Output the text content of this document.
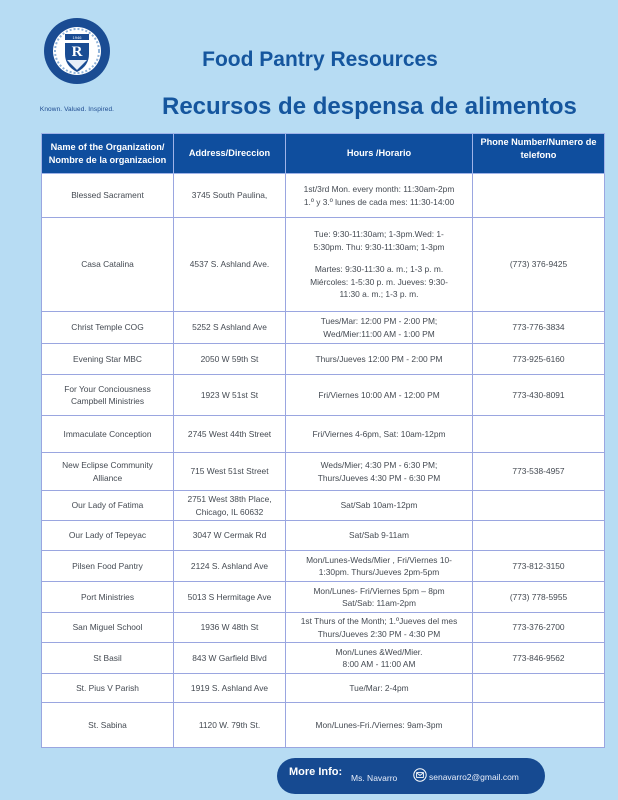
R
1946
Known. Valued. Inspired.
Food Pantry Resources
Recursos de despensa de alimentos
Name of the Organization/
Nombre de la organizacion	Address/Direccion	Hours /Horario	Phone Number/Numero de
telefono
Blessed Sacrament	3745 South Paulina,	1st/3rd Mon. every month: 11:30am-2pm
1.º y 3.º lunes de cada mes: 11:30-14:00	
Casa Catalina	4537 S. Ashland Ave.	Tue: 9:30-11:30am; 1-3pm.Wed: 1-
5:30pm. Thu: 9:30-11:30am; 1-3pm
Martes: 9:30-11:30 a. m.; 1-3 p. m.
Miércoles: 1-5:30 p. m. Jueves: 9:30-
11:30 a. m.; 1-3 p. m.	(773) 376-9425
Christ Temple COG	5252 S Ashland Ave	Tues/Mar: 12:00 PM - 2:00 PM;
Wed/Mier:11:00 AM - 1:00 PM	773-776-3834
Evening Star MBC	2050 W 59th St	Thurs/Jueves 12:00 PM - 2:00 PM	773-925-6160
For Your Conciousness
Campbell Ministries	1923 W 51st St	Fri/Viernes 10:00 AM - 12:00 PM	773-430-8091
Immaculate Conception	2745 West 44th Street	Fri/Viernes 4-6pm, Sat: 10am-12pm	
New Eclipse Community
Alliance	715 West 51st Street	Weds/Mier; 4:30 PM - 6:30 PM;
Thurs/Jueves 4:30 PM - 6:30 PM	773-538-4957
Our Lady of Fatima	2751 West 38th Place,
Chicago, IL 60632	Sat/Sab 10am-12pm	
Our Lady of Tepeyac	3047 W Cermak Rd	Sat/Sab 9-11am	
Pilsen Food Pantry	2124 S. Ashland Ave	Mon/Lunes-Weds/Mier , Fri/Viernes 10-
1:30pm. Thurs/Jueves 2pm-5pm	773-812-3150
Port Ministries	5013 S Hermitage Ave	Mon/Lunes- Fri/Viernes 5pm – 8pm
Sat/Sab: 11am-2pm	(773) 778-5955
San Miguel School	1936 W 48th St	1st Thurs of the Month; 1.ºJueves del mes
Thurs/Jueves 2:30 PM - 4:30 PM	773-376-2700
St Basil	843 W Garfield Blvd	Mon/Lunes &Wed/Mier.
8:00 AM - 11:00 AM	773-846-9562
St. Pius V Parish	1919 S. Ashland Ave	Tue/Mar: 2-4pm	
St. Sabina	1120 W. 79th St.	Mon/Lunes-Fri./Viernes: 9am-3pm	
More Info: Ms. Navarro	senavarro2@gmail.com
